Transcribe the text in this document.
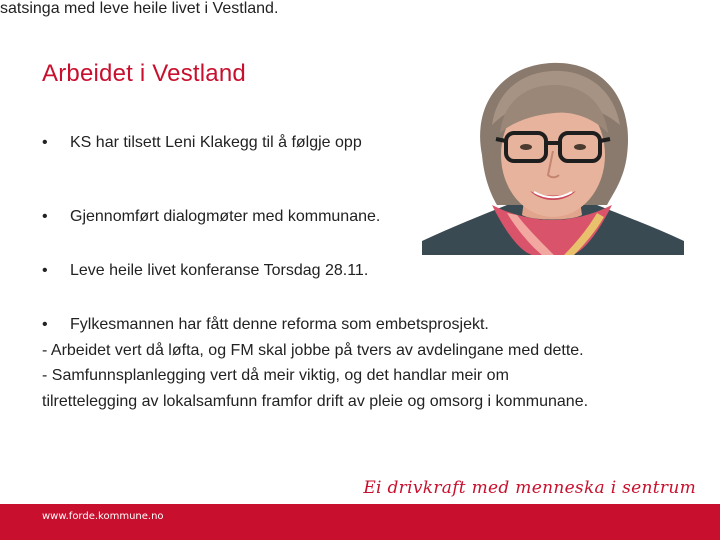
Arbeidet i Vestland
• KS har tilsett Leni Klakegg til å følgje opp
satsinga med leve heile livet i Vestland.
• Gjennomført dialogmøter med kommunane.
• Leve heile livet konferanse Torsdag 28.11.
• Fylkesmannen har fått denne reforma som embetsprosjekt.
- Arbeidet vert då løfta, og FM skal jobbe på tvers av avdelingane med dette.
- Samfunnsplanlegging vert då meir viktig, og det handlar meir om
tilrettelegging av lokalsamfunn framfor drift av pleie og omsorg i kommunane.
Ei drivkraft med menneska i sentrum
www.forde.kommune.no
